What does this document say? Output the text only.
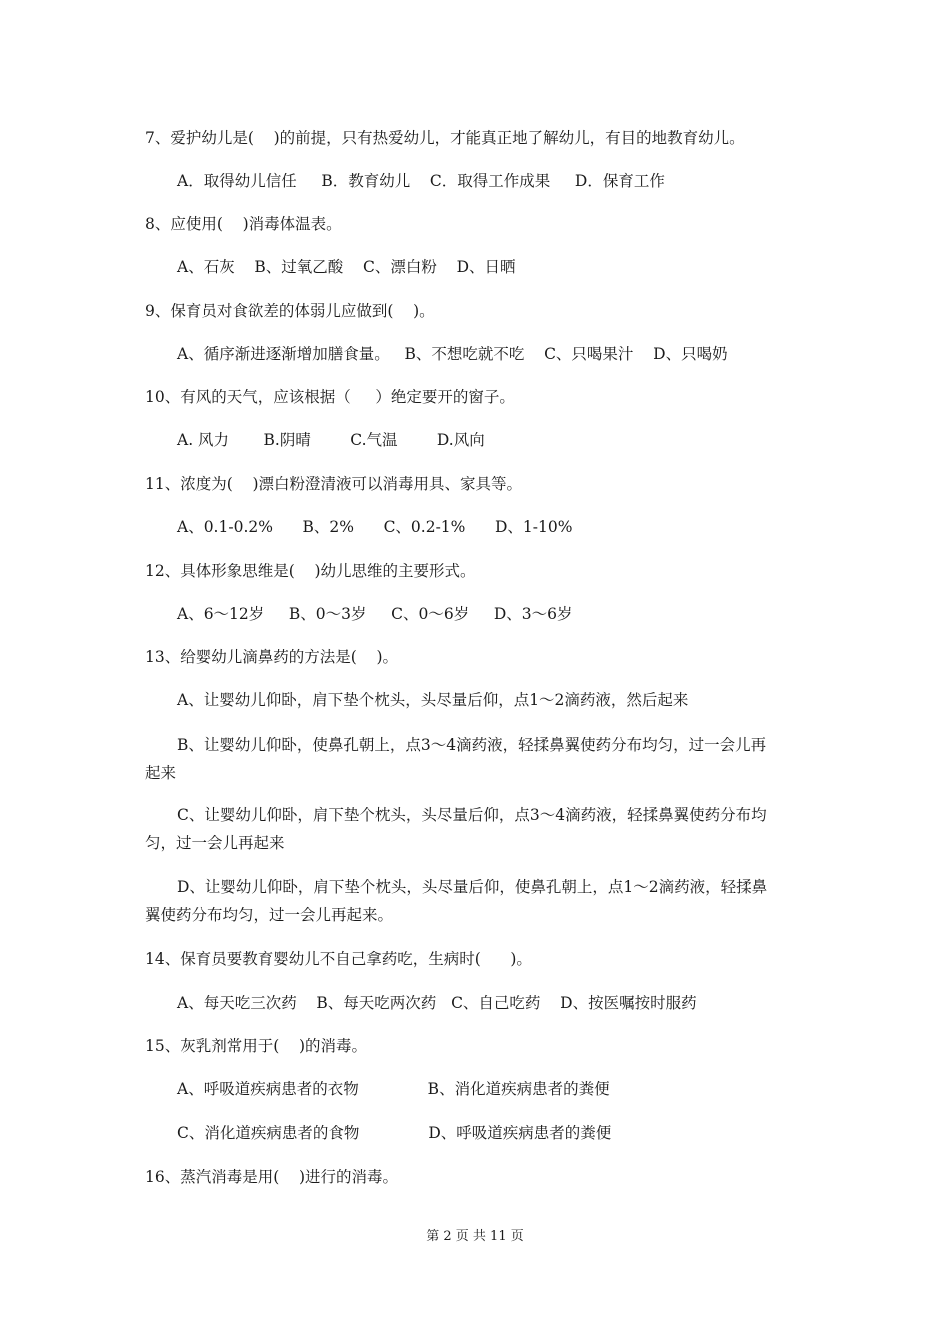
7、爱护幼儿是(    )的前提，只有热爱幼儿，才能真正地了解幼儿，有目的地教育幼儿。
A．取得幼儿信任     B．教育幼儿    C．取得工作成果     D．保育工作
8、应使用(    )消毒体温表。
A、石灰    B、过氧乙酸    C、漂白粉    D、日晒
9、保育员对食欲差的体弱儿应做到(    )。
A、循序渐进逐渐增加膳食量。   B、不想吃就不吃    C、只喝果汁    D、只喝奶
10、有风的天气，应该根据（     ）绝定要开的窗子。
A. 风力       B.阴晴        C.气温        D.风向
11、浓度为(    )漂白粉澄清液可以消毒用具、家具等。
A、0.1-0.2%      B、2%      C、0.2-1%      D、1-10%
12、具体形象思维是(    )幼儿思维的主要形式。
A、6～12岁     B、0～3岁     C、0～6岁     D、3～6岁
13、给婴幼儿滴鼻药的方法是(    )。
A、让婴幼儿仰卧，肩下垫个枕头，头尽量后仰，点1～2滴药液，然后起来
B、让婴幼儿仰卧，使鼻孔朝上，点3～4滴药液，轻揉鼻翼使药分布均匀，过一会儿再
起来
C、让婴幼儿仰卧，肩下垫个枕头，头尽量后仰，点3～4滴药液，轻揉鼻翼使药分布均
匀，过一会儿再起来
D、让婴幼儿仰卧，肩下垫个枕头，头尽量后仰，使鼻孔朝上，点1～2滴药液，轻揉鼻
翼使药分布均匀，过一会儿再起来。
14、保育员要教育婴幼儿不自己拿药吃，生病时(      )。
A、每天吃三次药    B、每天吃两次药   C、自己吃药    D、按医嘱按时服药
15、灰乳剂常用于(    )的消毒。
A、呼吸道疾病患者的衣物              B、消化道疾病患者的粪便
C、消化道疾病患者的食物              D、呼吸道疾病患者的粪便
16、蒸汽消毒是用(    )进行的消毒。
第 2 页 共 11 页
